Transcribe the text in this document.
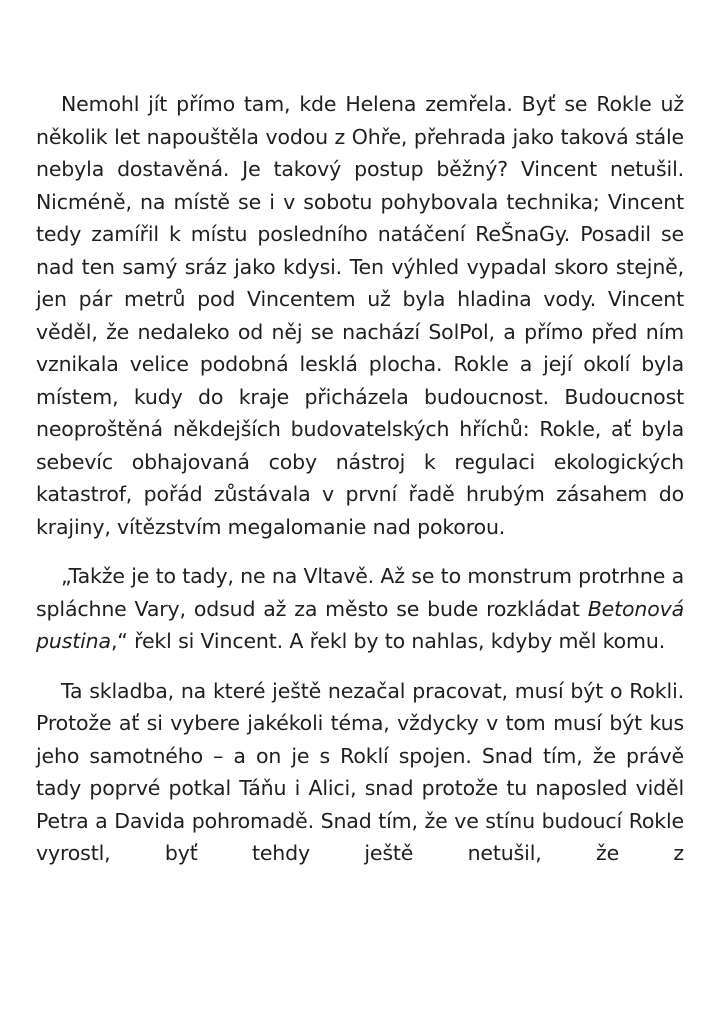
Nemohl jít přímo tam, kde Helena zemřela. Byť se Rokle už několik let napouštěla vodou z Ohře, přehrada jako taková stále nebyla dostavěná. Je takový postup běžný? Vincent netušil. Nicméně, na místě se i v sobotu pohybovala technika; Vincent tedy zamířil k místu posledního natáčení ReŠnaGy. Posadil se nad ten samý sráz jako kdysi. Ten výhled vypadal skoro stejně, jen pár metrů pod Vincentem už byla hladina vody. Vincent věděl, že nedaleko od něj se nachází SolPol, a přímo před ním vznikala velice podobná lesklá plocha. Rokle a její okolí byla místem, kudy do kraje přicházela budoucnost. Budoucnost neoproštěná někdejších budovatelských hříchů: Rokle, ať byla sebevíc obhajovaná coby nástroj k regulaci ekologických katastrof, pořád zůstávala v první řadě hrubým zásahem do krajiny, vítězstvím megalomanie nad pokorou.

„Takže je to tady, ne na Vltavě. Až se to monstrum protrhne a spláchne Vary, odsud až za město se bude rozkládat Betonová pustina,“ řekl si Vincent. A řekl by to nahlas, kdyby měl komu.

Ta skladba, na které ještě nezačal pracovat, musí být o Rokli. Protože ať si vybere jakékoli téma, vždycky v tom musí být kus jeho samotného – a on je s Roklí spojen. Snad tím, že právě tady poprvé potkal Táňu i Alici, snad protože tu naposled viděl Petra a Davida pohromadě. Snad tím, že ve stínu budoucí Rokle vyrostl, byť tehdy ještě netušil, že z
